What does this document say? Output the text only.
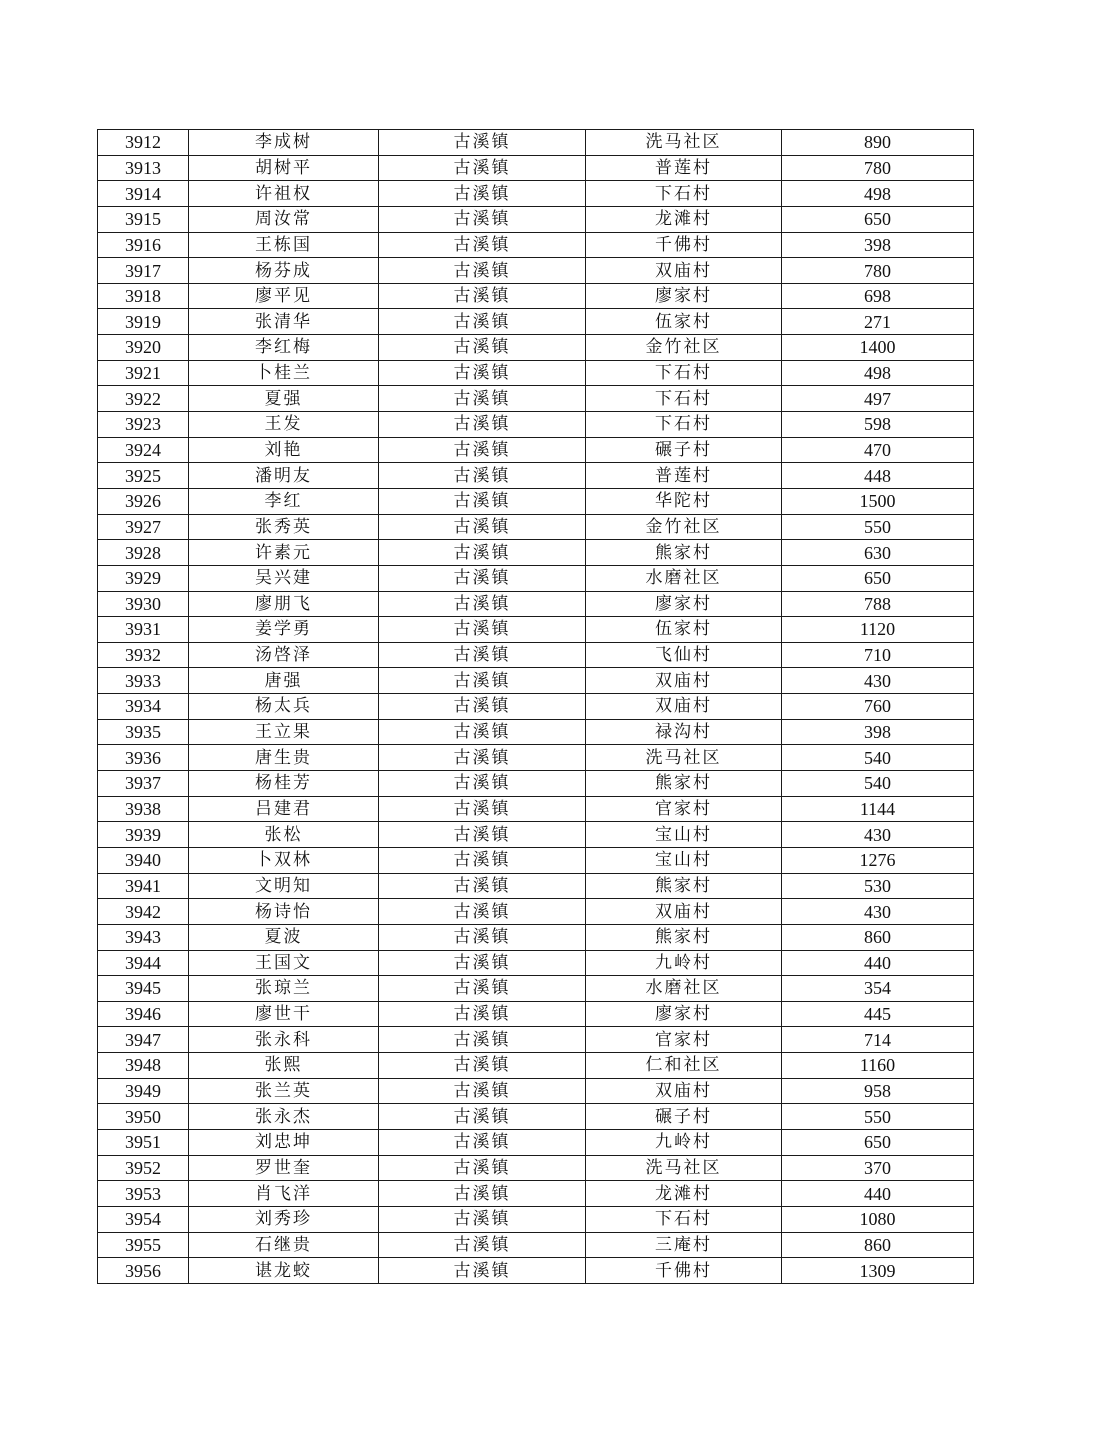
3912	李成树	古溪镇	洗马社区	890
3913	胡树平	古溪镇	普莲村	780
3914	许祖权	古溪镇	下石村	498
3915	周汝常	古溪镇	龙滩村	650
3916	王栋国	古溪镇	千佛村	398
3917	杨芬成	古溪镇	双庙村	780
3918	廖平见	古溪镇	廖家村	698
3919	张清华	古溪镇	伍家村	271
3920	李红梅	古溪镇	金竹社区	1400
3921	卜桂兰	古溪镇	下石村	498
3922	夏强	古溪镇	下石村	497
3923	王发	古溪镇	下石村	598
3924	刘艳	古溪镇	碾子村	470
3925	潘明友	古溪镇	普莲村	448
3926	李红	古溪镇	华陀村	1500
3927	张秀英	古溪镇	金竹社区	550
3928	许素元	古溪镇	熊家村	630
3929	吴兴建	古溪镇	水磨社区	650
3930	廖朋飞	古溪镇	廖家村	788
3931	姜学勇	古溪镇	伍家村	1120
3932	汤啓泽	古溪镇	飞仙村	710
3933	唐强	古溪镇	双庙村	430
3934	杨太兵	古溪镇	双庙村	760
3935	王立果	古溪镇	禄沟村	398
3936	唐生贵	古溪镇	洗马社区	540
3937	杨桂芳	古溪镇	熊家村	540
3938	吕建君	古溪镇	官家村	1144
3939	张松	古溪镇	宝山村	430
3940	卜双林	古溪镇	宝山村	1276
3941	文明知	古溪镇	熊家村	530
3942	杨诗怡	古溪镇	双庙村	430
3943	夏波	古溪镇	熊家村	860
3944	王国文	古溪镇	九岭村	440
3945	张琼兰	古溪镇	水磨社区	354
3946	廖世干	古溪镇	廖家村	445
3947	张永科	古溪镇	官家村	714
3948	张熙	古溪镇	仁和社区	1160
3949	张兰英	古溪镇	双庙村	958
3950	张永杰	古溪镇	碾子村	550
3951	刘忠坤	古溪镇	九岭村	650
3952	罗世奎	古溪镇	洗马社区	370
3953	肖飞洋	古溪镇	龙滩村	440
3954	刘秀珍	古溪镇	下石村	1080
3955	石继贵	古溪镇	三庵村	860
3956	谌龙蛟	古溪镇	千佛村	1309
